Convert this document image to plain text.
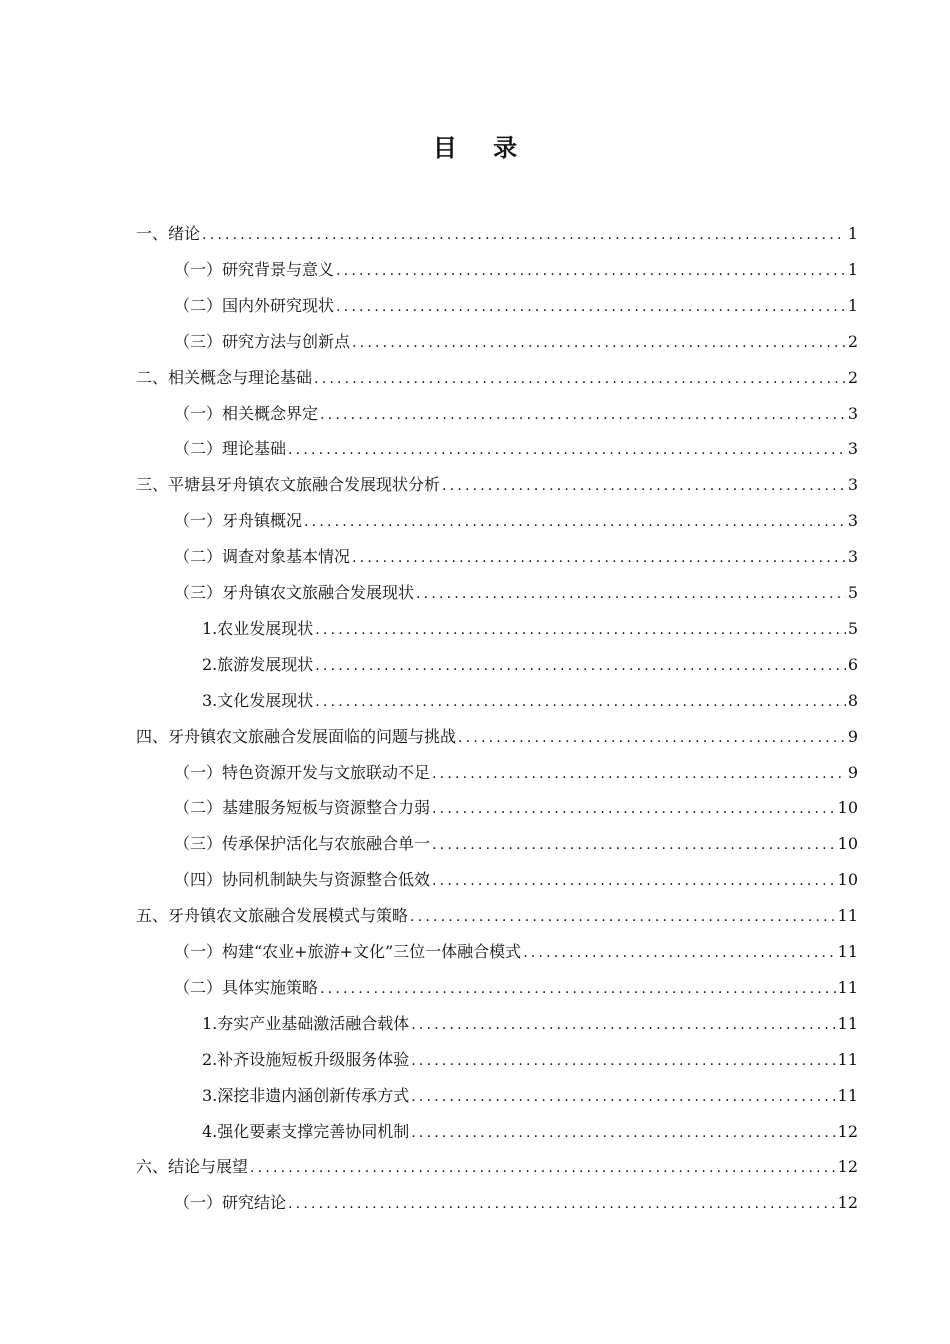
目 录
一、绪论 .....	1
（一）研究背景与意义 .....	1
（二）国内外研究现状 .....	1
（三）研究方法与创新点 .....	2
二、相关概念与理论基础 .....	2
（一）相关概念界定 .....	3
（二）理论基础 .....	3
三、平塘县牙舟镇农文旅融合发展现状分析 .....	3
（一）牙舟镇概况 .....	3
（二）调查对象基本情况 .....	3
（三）牙舟镇农文旅融合发展现状 .....	5
1.农业发展现状 .....	5
2.旅游发展现状 .....	6
3.文化发展现状 .....	8
四、牙舟镇农文旅融合发展面临的问题与挑战 .....	9
（一）特色资源开发与文旅联动不足 .....	9
（二）基建服务短板与资源整合力弱 .....	10
（三）传承保护活化与农旅融合单一 .....	10
（四）协同机制缺失与资源整合低效 .....	10
五、牙舟镇农文旅融合发展模式与策略 .....	11
（一）构建“农业+旅游+文化”三位一体融合模式 .....	11
（二）具体实施策略 .....	11
1.夯实产业基础激活融合载体 .....	11
2.补齐设施短板升级服务体验 .....	11
3.深挖非遗内涵创新传承方式 .....	11
4.强化要素支撑完善协同机制 .....	12
六、结论与展望 .....	12
（一）研究结论 .....	12
